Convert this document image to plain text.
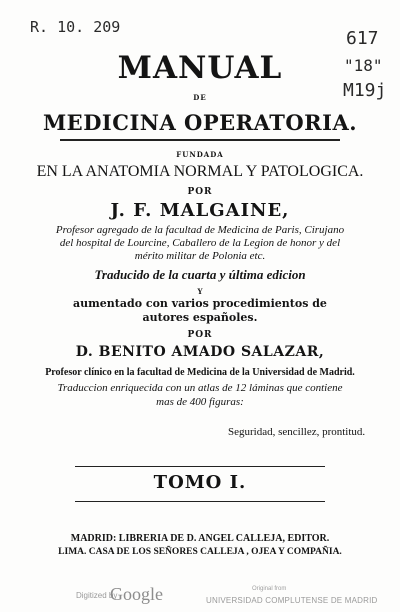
R. 10. 209
617
"18"
M19j
MANUAL
DE
MEDICINA OPERATORIA.
FUNDADA
EN LA ANATOMIA NORMAL Y PATOLOGICA.
POR
J. F. MALGAINE,
Profesor agregado de la facultad de Medicina de Paris, Cirujano
del hospital de Lourcine, Caballero de la Legion de honor y del
mérito militar de Polonia etc.
Traducido de la cuarta y última edicion
Y
aumentado con varios procedimientos de
autores españoles.
POR
D. BENITO AMADO SALAZAR,
Profesor clínico en la facultad de Medicina de la Universidad de Madrid.
Traduccion enriquecida con un atlas de 12 láminas que contiene
mas de 400 figuras:
Seguridad, sencillez, prontitud.
TOMO I.
MADRID: LIBRERIA DE D. ANGEL CALLEJA, EDITOR.
LIMA. CASA DE LOS SEÑORES CALLEJA , OJEA Y COMPAÑIA.
Digitized by
Google	Original from
UNIVERSIDAD COMPLUTENSE DE MADRID
